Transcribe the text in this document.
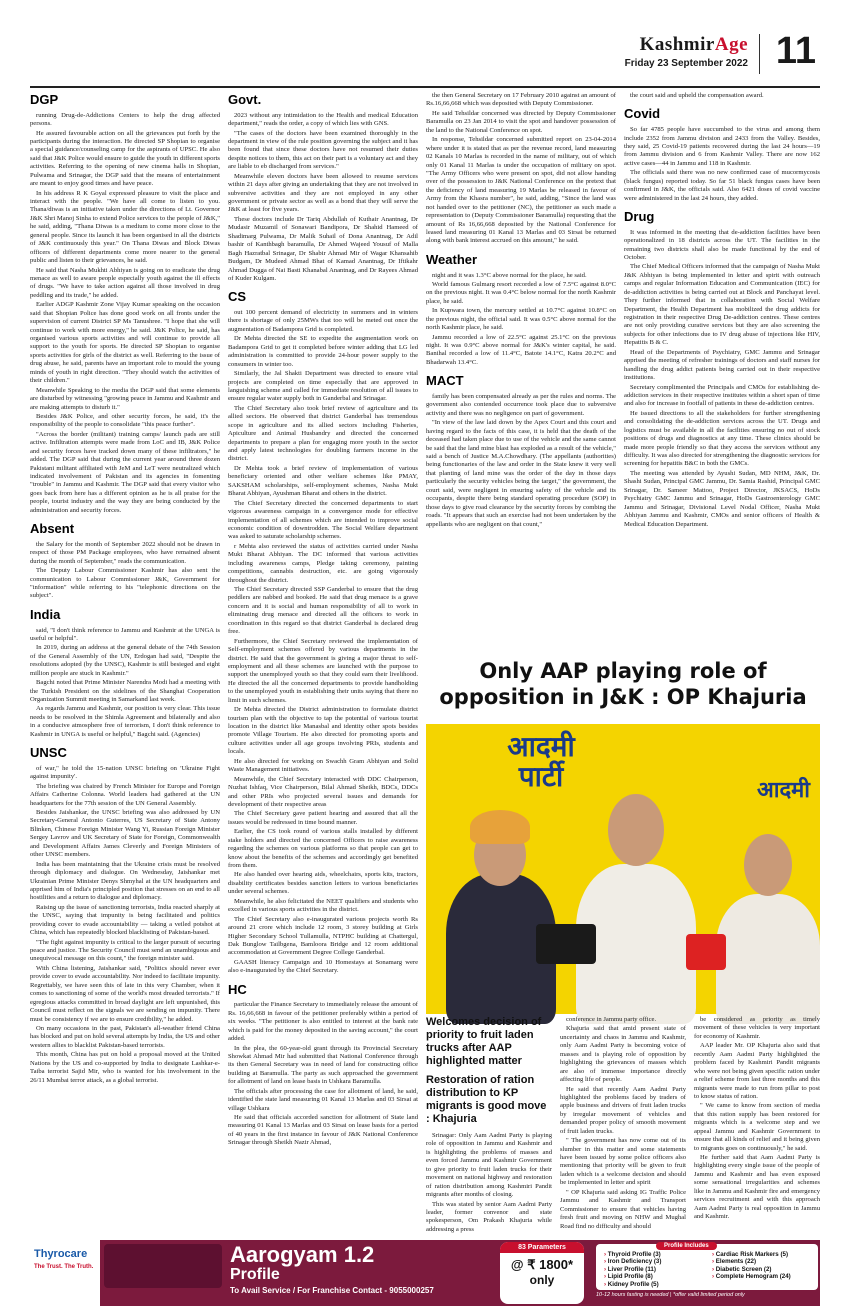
KashmirAge
Friday 23 September 2022 11
DGP

running Drug-de-Addictions Centers to help the drug affected persons.

He assured favourable action on all the grievances put forth by the participants during the interaction. He directed SP Shopian to organise a special guidance/counseling camp for the aspirants of UPSC. He also said that J&K Police would ensure to guide the youth in different sports activities. Referring to the opening of new cinema halls in Shopian, Pulwama and Srinagar, the DGP said that the means of entertainment are meant to enjoy good times and have peace.

In his address R K Goyal expressed pleasure to visit the place and interact with the people. "We have all come to listen to you. Thana/diwas is an initiative taken under the directions of Lt. Governor J&K Shri Manoj Sinha to extend Police services to the people of J&K," he said, adding, "Thana Diwas is a medium to come more close to the general people. Since its launch it has been organised in all the districts of J&K continuously this year." On Thana Diwas and Block Diwas officers of different departments come more nearer to the general public and listen to their grievances, he said.

He said that Nasha Mukhti Abhiyan is going on to eradicate the drug menace as well to aware people especially youth against the ill effects of drugs. "We have to take action against all those involved in drug peddling and its trade," he added.

Earlier ADGP Kashmir Zone Vijay Kumar speaking on the occasion said that Shopian Police has done good work on all fronts under the supervision of current District SP Ms Tanushree. "I hope that she will continue to work with more energy," he said. J&K Police, he said, has organised various sports activities and will continue to provide all support to the youth for sports. He directed SP Shopian to organise sports activities for girls of the district as well. Referring to the issue of drug abuse, he said, parents have an important role to mould the young minds of youth in right direction. "They should watch the activities of their children."

Meanwhile Speaking to the media the DGP said that some elements are disturbed by witnessing "growing peace in Jammu and Kashmir and are making attempts to disturb it."

Besides J&K Police, and other security forces, he said, it's the responsibility of the people to consolidate "this peace further".

"Across the border (militant) training camps/ launch pads are still active. Infiltration attempts were made from LoC and IB, J&K Police and security forces have tracked down many of these infiltrators," he added. The DGP said that during the current year around three dozen Pakistani militant affiliated with JeM and LeT were neutralized which indicated involvement of Pakistan and its agencies in fomenting "trouble" in Jammu and Kashmir. The DGP said that every visitor who goes back from here has a different opinion as he is all praise for the people, tourist industry and the way they are being conducted by the administration and security forces.

Absent

the Salary for the month of September 2022 should not be drawn in respect of those PM Package employees, who have remained absent during the month of September," reads the communication.

The Deputy Labour Commissioner Kashmir has also sent the communication to Labour Commissioner J&K, Government for "information" while referring to his "telephonic directions on the subject".

India

said, "I don't think reference to Jammu and Kashmir at the UNGA is useful or helpful".

In 2019, during an address at the general debate of the 74th Session of the General Assembly of the UN, Erdogan had said, "Despite the resolutions adopted (by the UNSC), Kashmir is still besieged and eight million people are stuck in Kashmir."

Bagchi noted that Prime Minister Narendra Modi had a meeting with the Turkish President on the sidelines of the Shanghai Cooperation Organization Summit meeting in Samarkand last week.

As regards Jammu and Kashmir, our position is very clear. This issue needs to be resolved in the Shimla Agreement and bilaterally and also in a conducive atmosphere free of terrorism, I don't think reference to Kashmir in UNGA is useful or helpful," Bagchi said. (Agencies)

UNSC

of war," he told the 15-nation UNSC briefing on 'Ukraine Fight against impunity'.

The briefing was chaired by French Minister for Europe and Foreign Affairs Catherine Colonna. World leaders had gathered at the UN headquarters for the 77th session of the UN General Assembly.

Besides Jaishankar, the UNSC briefing was also addressed by UN Secretary-General Antonio Guterres, US Secretary of State Antony Blinken, Chinese Foreign Minister Wang Yi, Russian Foreign Minister Sergey Lavrov and UK Secretary of State for Foreign, Commonwealth and Development Affairs James Cleverly and Foreign Ministers of other UNSC members.

India has been maintaining that the Ukraine crisis must be resolved through diplomacy and dialogue. On Wednesday, Jaishankar met Ukrainian Prime Minister Denys Shmyhal at the UN headquarters and apprised him of India's principled position that stresses on an end to all hostilities and a return to dialogue and diplomacy.

Raising up the issue of sanctioning terrorists, India reacted sharply at the UNSC, saying that impunity is being facilitated and politics providing cover to evade accountability — taking a veiled potshot at China, which has repeatedly blocked blacklisting of Pakistan-based.

"The fight against impunity is critical to the larger pursuit of securing peace and justice. The Security Council must send an unambiguous and unequivocal message on this count," the foreign minister said.

With China listening, Jaishankar said, "Politics should never ever provide cover to evade accountability. Nor indeed to facilitate impunity. Regrettably, we have seen this of late in this very Chamber, when it comes to sanctioning of some of the world's most dreaded terrorists." If egregious attacks committed in broad daylight are left unpunished, this Council must reflect on the signals we are sending on impunity. There must be consistency if we are to ensure credibility," he added.

On many occasions in the past, Pakistan's all-weather friend China has blocked and put on hold several attempts by India, the US and other western allies to blacklist Pakistan-based terrorists.

This month, China has put on hold a proposal moved at the United Nations by the US and co-supported by India to designate Lashkar-e-Taiba terrorist Sajid Mir, who is wanted for his involvement in the 26/11 Mumbai terror attack, as a global terrorist.

Govt.

2023 without any intimidation to the Health and medical Education department," reads the order, a copy of which lies with GNS.

"The cases of the doctors have been examined thoroughly in the department in view of the rule position governing the subject and it has been found that since these doctors have not resumed their duties despite notices to them, this act on their part is a voluntary act and they are liable to eb discharged from services."

Meanwhile eleven doctors have been allowed to resume services within 21 days after giving an undertaking that they are not involved in subversive activities and they are not employed in any other government or private sector as well as a bond that they will serve the J&K at least for five years.

These doctors include Dr Tariq Abdullah of Kuthair Anantnag, Dr Mudasir Muzamil of Sonawari Bandipora, Dr Shahid Hameed of Shadimarg Pulwama, Dr Malik Suhail of Dona Anantnag, Dr Adil bashir of Kanthbagh baramulla, Dr Ahmed Wajeed Yousuf of Malla Bagh Hazratbal Srinagar, Dr Shabir Ahmad Mir of Wagar Khansahib Budgam, Dr Mudeed Ahmad Bhat of Kamad Anantnag, Dr Iftikahr Ahmad Dugga of Nai Basti Khanabal Anantnag, and Dr Rayees Ahmad of Kuder Kulgam.

CS

out 100 percent demand of electricity in summers and in winters there is shortage of only 25MWs that too will be meted out once the augmentation of Badampora Grid is completed.

Dr Mehta directed the SE to expedite the augmentation work on Badampora Grid to get it completed before winter adding that LG led administration is committed to provide 24-hour power supply to the consumers in winter too.

Similarly, the Jal Shakti Department was directed to ensure vital projects are completed on time especially that are approved in languishing scheme and called for immediate resolution of all issues to ensure regular water supply both in Ganderbal and Srinagar.

The Chief Secretary also took brief review of agriculture and its allied sectors. He observed that district Ganderbal has tremendous scope in agriculture and its allied sectors including Fisheries, Apiculture and Animal Husbandry and directed the concerned departments to prepare a plan for engaging more youth in the sector and apply latest technologies for doubling farmers income in the district.

Dr Mehta took a brief review of implementation of various beneficiary oriented and other welfare schemes like PMAY, SAKSHAM scholarships, self-employment schemes, Nasha Mukt Bharat Abhiyan, Ayushman Bharat and others in the district.

The Chief Secretary directed the concerned departments to start vigorous awareness campaign in a convergence mode for effective implementation of all schemes which are intended to improve social economic condition of downtrodden. The Social Welfare department was asked to saturate scholarship schemes.

r Mehta also reviewed the status of activities carried under Nasha Mukt Bharat Abhiyan. The DC informed that various activities including awareness camps, Pledge taking ceremony, painting competitions, cannabis destruction, etc. are going vigorously throughout the district.

The Chief Secretary directed SSP Ganderbal to ensure that the drug peddlers are nabbed and booked. He said that drug menace is a grave concern and it is social and human responsibility of all to work in eliminating drug menace and directed all the officers to work in coordination in this regard so that district Ganderbal is declared drug free.

Furthermore, the Chief Secretary reviewed the implementation of Self-employment schemes offered by various departments in the district. He said that the government is giving a major thrust to self-employment and all these schemes are launched with the purpose to support the unemployed youth so that they could earn their livelihood. He directed the all the concerned departments to provide handholding to the unemployed youth in establishing their units saying that there no limit in such schemes.

Dr Mehta directed the District administration to formulate district tourism plan with the objective to tap the potential of various tourist location in the district like Manasbal and identity other spots besides promote Village Tourism. He also directed for promoting sports and culture activities under all age groups involving PRIs, students and locals.

He also directed for working on Swachh Gram Abhiyan and Solid Waste Management initiatives.

Meanwhile, the Chief Secretary interacted with DDC Chairperson, Nuzhat Ishfaq, Vice Chairperson, Bilal Ahmad Sheikh, BDCs, DDCs and other PRIs who projected several issues and demands for development of their respective areas

The Chief Secretary gave patient hearing and assured that all the issues would be redressed in time bound manner.

Earlier, the CS took round of various stalls installed by different stake holders and directed the concerned Officers to raise awareness regarding the schemes on various platforms so that people can get to know about the benefits of the schemes and accordingly get benefited from them.

He also handed over hearing aids, wheelchairs, sports kits, tractors, disability certificates besides sanction letters to various beneficiaries under several schemes.

Meanwhile, he also felicitated the NEET qualifiers and students who excelled in various sports activities in the district.

The Chief Secretary also e-inaugurated various projects worth Rs around 21 crore which include 12 room, 3 storey building at Girls Higher Secondary School Tullamulla, NTPHC building at Chattergul, Dak Bunglow Tailbgena, Bamloora Bridge and 12 room additional accommodation at Government Degree College Ganderbal.

GAASH literacy Campaign and 10 Homestays at Sonamarg were also e-inaugurated by the Chief Secretary.

HC

particular the Finance Secretary to immediately release the amount of Rs. 16,66,668 in favour of the petitioner preferably within a period of six weeks. "The petitioner is also entitled to interest at the bank rate which is paid for the money deposited in the saving account," the court added.

In the plea, the 60-year-old grant through its Provincial Secretary Showkat Ahmad Mir had submitted that National Conference through its then General Secretary was in need of land for constructing office building at Baramulla. The party as such approached the government for allotment of land on lease basis in Ushkara Baramulla.

The officials after processing the case for allotment of land, he said, identified the state land measuring 01 Kanal 13 Marlas and 03 Sirsai at village Ushkara

He said that officials accorded sanction for allotment of State land measuring 01 Kanal 13 Marlas and 03 Sirsai on lease basis for a period of 40 years in the first instance in favour of J&K National Conference Srinagar through Sheikh Nazir Ahmad,

the then General Secretary on 17 February 2010 against an amount of Rs.16,66,668 which was deposited with Deputy Commissioner.

He said Tehsildar concerned was directed by Deputy Commissioner Baramulla on 23 Jan 2014 to visit the spot and handover possession of the land to the National Conference on spot.

In response, Tehsildar concerned submitted report on 23-04-2014 where under it is stated that as per the revenue record, land measuring 02 Kanals 10 Marlas is recorded in the name of military, out of which only 01 Kanal 11 Marlas is under the occupation of military on spot. "The Army Officers who were present on spot, did not allow handing over of the possession to J&K National Conference on the pretext that the deficiency of land measuring 19 Marlas be released in favour of Army from the Khasra number", he said, adding, "Since the land was not handed over to the petitioner (NC), the petitioner as such made a representation to (Deputy Commissioner Baramulla) requesting that the amount of Rs 16,66,668 deposited by the National Conference for leased land measuring 01 Kanal 13 Marlas and 03 Sirsai be returned along with bank interest accrued on this amount," he said.

Weather

night and it was 1.3°C above normal for the place, he said.

World famous Gulmarg resort recorded a low of 7.5°C against 8.0°C on the previous night. It was 0.4°C below normal for the north Kashmir place, he said.

In Kupwara town, the mercury settled at 10.7°C against 10.8°C on the previous night, the official said. It was 0.5°C above normal for the north Kashmir place, he said.

Jammu recorded a low of 22.5°C against 25.1°C on the previous night. It was 0.9°C above normal for J&K's winter capital, he said. Banihal recorded a low of 11.4°C, Batote 14.1°C, Katra 20.2°C and Bhadarwah 13.4°C.

MACT

family has been compensated already as per the rules and norms. The government also contended occurrence took place due to subversive activity and there was no negligence on part of government.

"In view of the law laid down by the Apex Court and this court and having regard to the facts of this case, it is held that the death of the deceased had taken place due to use of the vehicle and the same cannot be said that the land mine blast has exploded as a result of the vehicle," said a bench of Justice M.A.Chowdhary. (The appellants (authorities) being functionaries of the law and order in the State knew it very well that planting of land mine was the order of the day in those days particularly the security vehicles being the target," the government, the court said, were negligent in ensuring safety of the vehicle and its occupants, despite there being standard operating procedure (SOP) in those days to give road clearance by the security forces by combing the roads. "It appears that such an exercise had not been undertaken by the appellants who are negligent on that count,"

the court said and upheld the compensation award.

Covid

So far 4785 people have succumbed to the virus and among them include 2352 from Jammu division and 2433 from the Valley. Besides, they said, 25 Covid-19 patients recovered during the last 24 hours—19 from Jammu division and 6 from Kashmir Valley. There are now 162 active cases—44 in Jammu and 118 in Kashmir.

The officials said there was no new confirmed case of mucormycosis (black fungus) reported today. So far 51 black fungus cases have been confirmed in J&K, the officials said. Also 6421 doses of covid vaccine were administered in the last 24 hours, they added.

Drug

It was informed in the meeting that de-addiction facilities have been operationalized in 18 districts across the UT. The facilities in the remaining two districts shall also be made functional by the end of October.

The Chief Medical Officers informed that the campaign of Nasha Mukt J&K Abhiyan is being implemented in letter and spirit with outreach camps and regular Information Education and Communication (IEC) for de-addiction activities is being carried out at Block and Panchayat level. They further informed that in collaboration with Social Welfare Department, the Health Department has mobilized the drug addicts for registration in their respective Drug De-addiction centres. These centres are not only providing curative services but they are also screening the subjects for other infections due to IV drug abuse of injections like HIV, Hepatitis B & C.

Head of the Departments of Psychiatry, GMC Jammu and Srinagar apprised the meeting of refresher trainings of doctors and staff nurses for handling the drug addict patients being carried out in their respective institutions.

Secretary complimented the Principals and CMOs for establishing de-addiction services in their respective institutes within a short span of time and also for increase in footfall of patients in these de-addiction centres.

He issued directions to all the stakeholders for further strengthening and consolidating the de-addiction services across the UT. Drugs and logistics must be available in all the facilities ensuring no out of stock positions of drugs and diagnostics at any time. These clinics should be made more people friendly so that they access the services without any difficulty. It was also directed for strengthening the diagnostic services for screening for hepatitis B&C in both the GMCs.

The meeting was attended by Ayushi Sudan, MD NHM, J&K, Dr. Shashi Sudan, Principal GMC Jammu, Dr. Samia Rashid, Principal GMC Srinagar, Dr. Sameer Mattoo, Project Director, JKSACS, HoDs Psychiatry GMC Jammu and Srinagar, HoDs Gastroenterology GMC Jammu and Srinagar, Divisional Level Nodal Officer, Nasha Mukt Abhiyan Jammu and Kashmir, CMOs and senior officers of Health & Medical Education Department.

Only AAP playing role of opposition in J&K : OP Khajuria
आदमी पार्टी	आदमी
Welcomes decision of priority to fruit laden trucks after AAP highlighted matter
Restoration of ration distribution to KP migrants is good move : Khajuria

Srinagar: Only Aam Aadmi Party is playing role of opposition in Jammu and Kashmir and is highlighting the problems of masses and even forced Jammu and Kashmir Government to give priority to fruit laden trucks for their movement on national highway and restoration of ration distribution among Kashmiri Pandit migrants after months of closing.

This was stated by senior Aam Aadmi Party leader, former convenor and state spokesperson, Om Prakash Khajuria while addressing a press

conference in Jammu party office.

Khajuria said that amid present state of uncertainty and chaos in Jammu and Kashmir, only Aam Aadmi Party is becoming voice of masses and is playing role of opposition by highlighting the grievances of masses which are also of immense importance directly affecting life of people.

He said that recently Aam Aadmi Party highlighted the problems faced by traders of apple business and drivers of fruit laden trucks by irregular movement of vehicles and demanded proper policy of smooth movement of fruit laden trucks.

" The government has now come out of its slumber in this matter and some statements have been issued by some police officers also mentioning that priority will be given to fruit laden which is a welcome decision and should be implemented in letter and spirit

" OP Khajuria said asking IG Traffic Police Jammu and Kashmir and Transport Commissioner to ensure that vehicles having fresh fruit and moving on NHW and Mughal Road find no difficulty and should

be considered as priority as timely movement of these vehicles is very important for economy of Kashmir.

AAP leader Mr. OP Khajuria also said that recently Aam Aadmi Party highlighted the problem faced by Kashmiri Pandit migrants who were not being given specific ration under a relief scheme from last three months and this migrants were made to run from pillar to post to know status of ration.

" We came to know from section of media that this ration supply has been restored for migrants which is a welcome step and we appeal Jammu and Kashmir Government to ensure that all kinds of relief and it being given to migrants goes on continuously," he said.

He further said that Aam Aadmi Party is highlighting every single issue of the people of Jammu and Kashmir and has even exposed some sensational irregularities and schemes like in Jammu and Kashmir fire and emergency services recruitment and with this approach Aam Aadmi Party is real opposition in Jammu and Kashmir.

Thyrocare
The Trust. The Truth.	Aarogyam 1.2
Profile
To Avail Service / For Franchise Contact - 9055000257
83 Parameters
@ ₹ 1800*
only
Profile Includes
› Thyroid Profile (3)
› Iron Deficiency (3)
› Liver Profile (11)
› Lipid Profile (8)
› Kidney Profile (5)
› Cardiac Risk Markers (5)
› Elements (22)
› Diabetic Screen (2)
› Complete Hemogram (24)
10-12 hours fasting is needed | *offer valid limited period only
